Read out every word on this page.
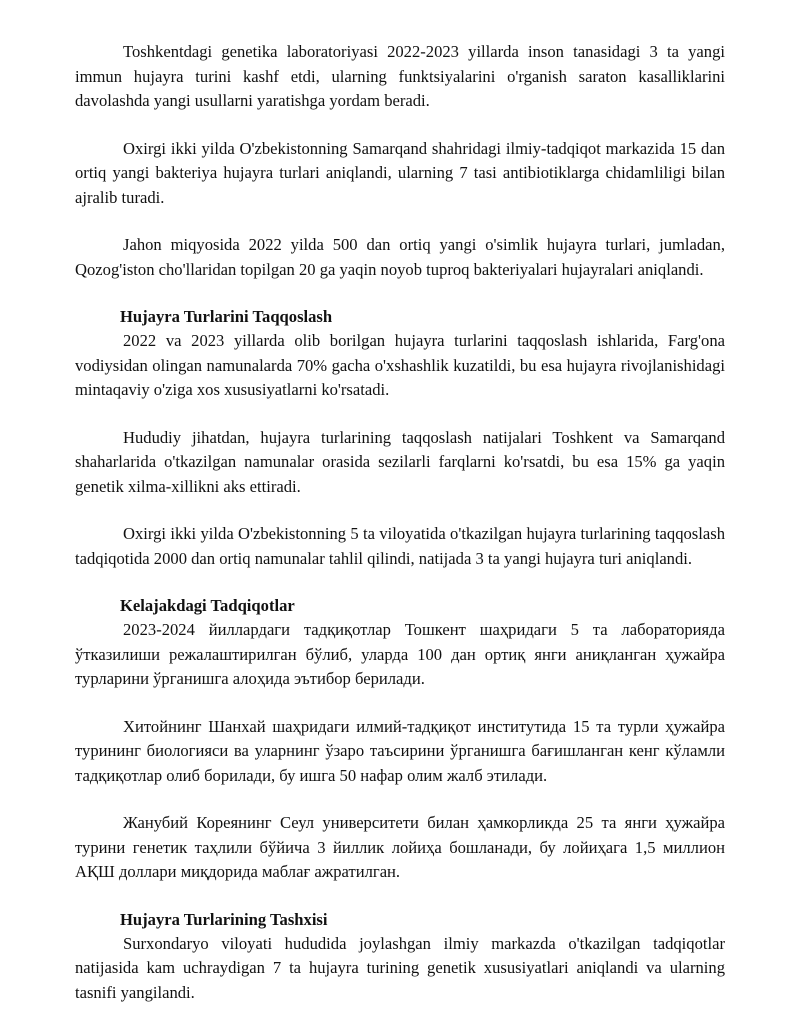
Toshkentdagi genetika laboratoriyasi 2022-2023 yillarda inson tanasidagi 3 ta yangi immun hujayra turini kashf etdi, ularning funktsiyalarini o'rganish saraton kasalliklarini davolashda yangi usullarni yaratishga yordam beradi.

Oxirgi ikki yilda O'zbekistonning Samarqand shahridagi ilmiy-tadqiqot markazida 15 dan ortiq yangi bakteriya hujayra turlari aniqlandi, ularning 7 tasi antibiotiklarga chidamliligi bilan ajralib turadi.

Jahon miqyosida 2022 yilda 500 dan ortiq yangi o'simlik hujayra turlari, jumladan, Qozog'iston cho'llaridan topilgan 20 ga yaqin noyob tuproq bakteriyalari hujayralari aniqlandi.

Hujayra Turlarini Taqqoslash

2022 va 2023 yillarda olib borilgan hujayra turlarini taqqoslash ishlarida, Farg'ona vodiysidan olingan namunalarda 70% gacha o'xshashlik kuzatildi, bu esa hujayra rivojlanishidagi mintaqaviy o'ziga xos xususiyatlarni ko'rsatadi.

Hududiy jihatdan, hujayra turlarining taqqoslash natijalari Toshkent va Samarqand shaharlarida o'tkazilgan namunalar orasida sezilarli farqlarni ko'rsatdi, bu esa 15% ga yaqin genetik xilma-xillikni aks ettiradi.

Oxirgi ikki yilda O'zbekistonning 5 ta viloyatida o'tkazilgan hujayra turlarining taqqoslash tadqiqotida 2000 dan ortiq namunalar tahlil qilindi, natijada 3 ta yangi hujayra turi aniqlandi.

Kelajakdagi Tadqiqotlar

2023-2024 йиллардаги тадқиқотлар Тошкент шаҳридаги 5 та лабораторияда ўтказилиши режалаштирилган бўлиб, уларда 100 дан ортиқ янги аниқланган ҳужайра турларини ўрганишга алоҳида эътибор берилади.

Хитойнинг Шанхай шаҳридаги илмий-тадқиқот институтида 15 та турли ҳужайра турининг биологияси ва уларнинг ўзаро таъсирини ўрганишга бағишланган кенг кўламли тадқиқотлар олиб борилади, бу ишга 50 нафар олим жалб этилади.

Жанубий Кореянинг Сеул университети билан ҳамкорликда 25 та янги ҳужайра турини генетик таҳлили бўйича 3 йиллик лойиҳа бошланади, бу лойиҳага 1,5 миллион АҚШ доллари миқдорида маблағ ажратилган.

Hujayra Turlarining Tashxisi

Surxondaryo viloyati hududida joylashgan ilmiy markazda o'tkazilgan tadqiqotlar natijasida kam uchraydigan 7 ta hujayra turining genetik xususiyatlari aniqlandi va ularning tasnifi yangilandi.
